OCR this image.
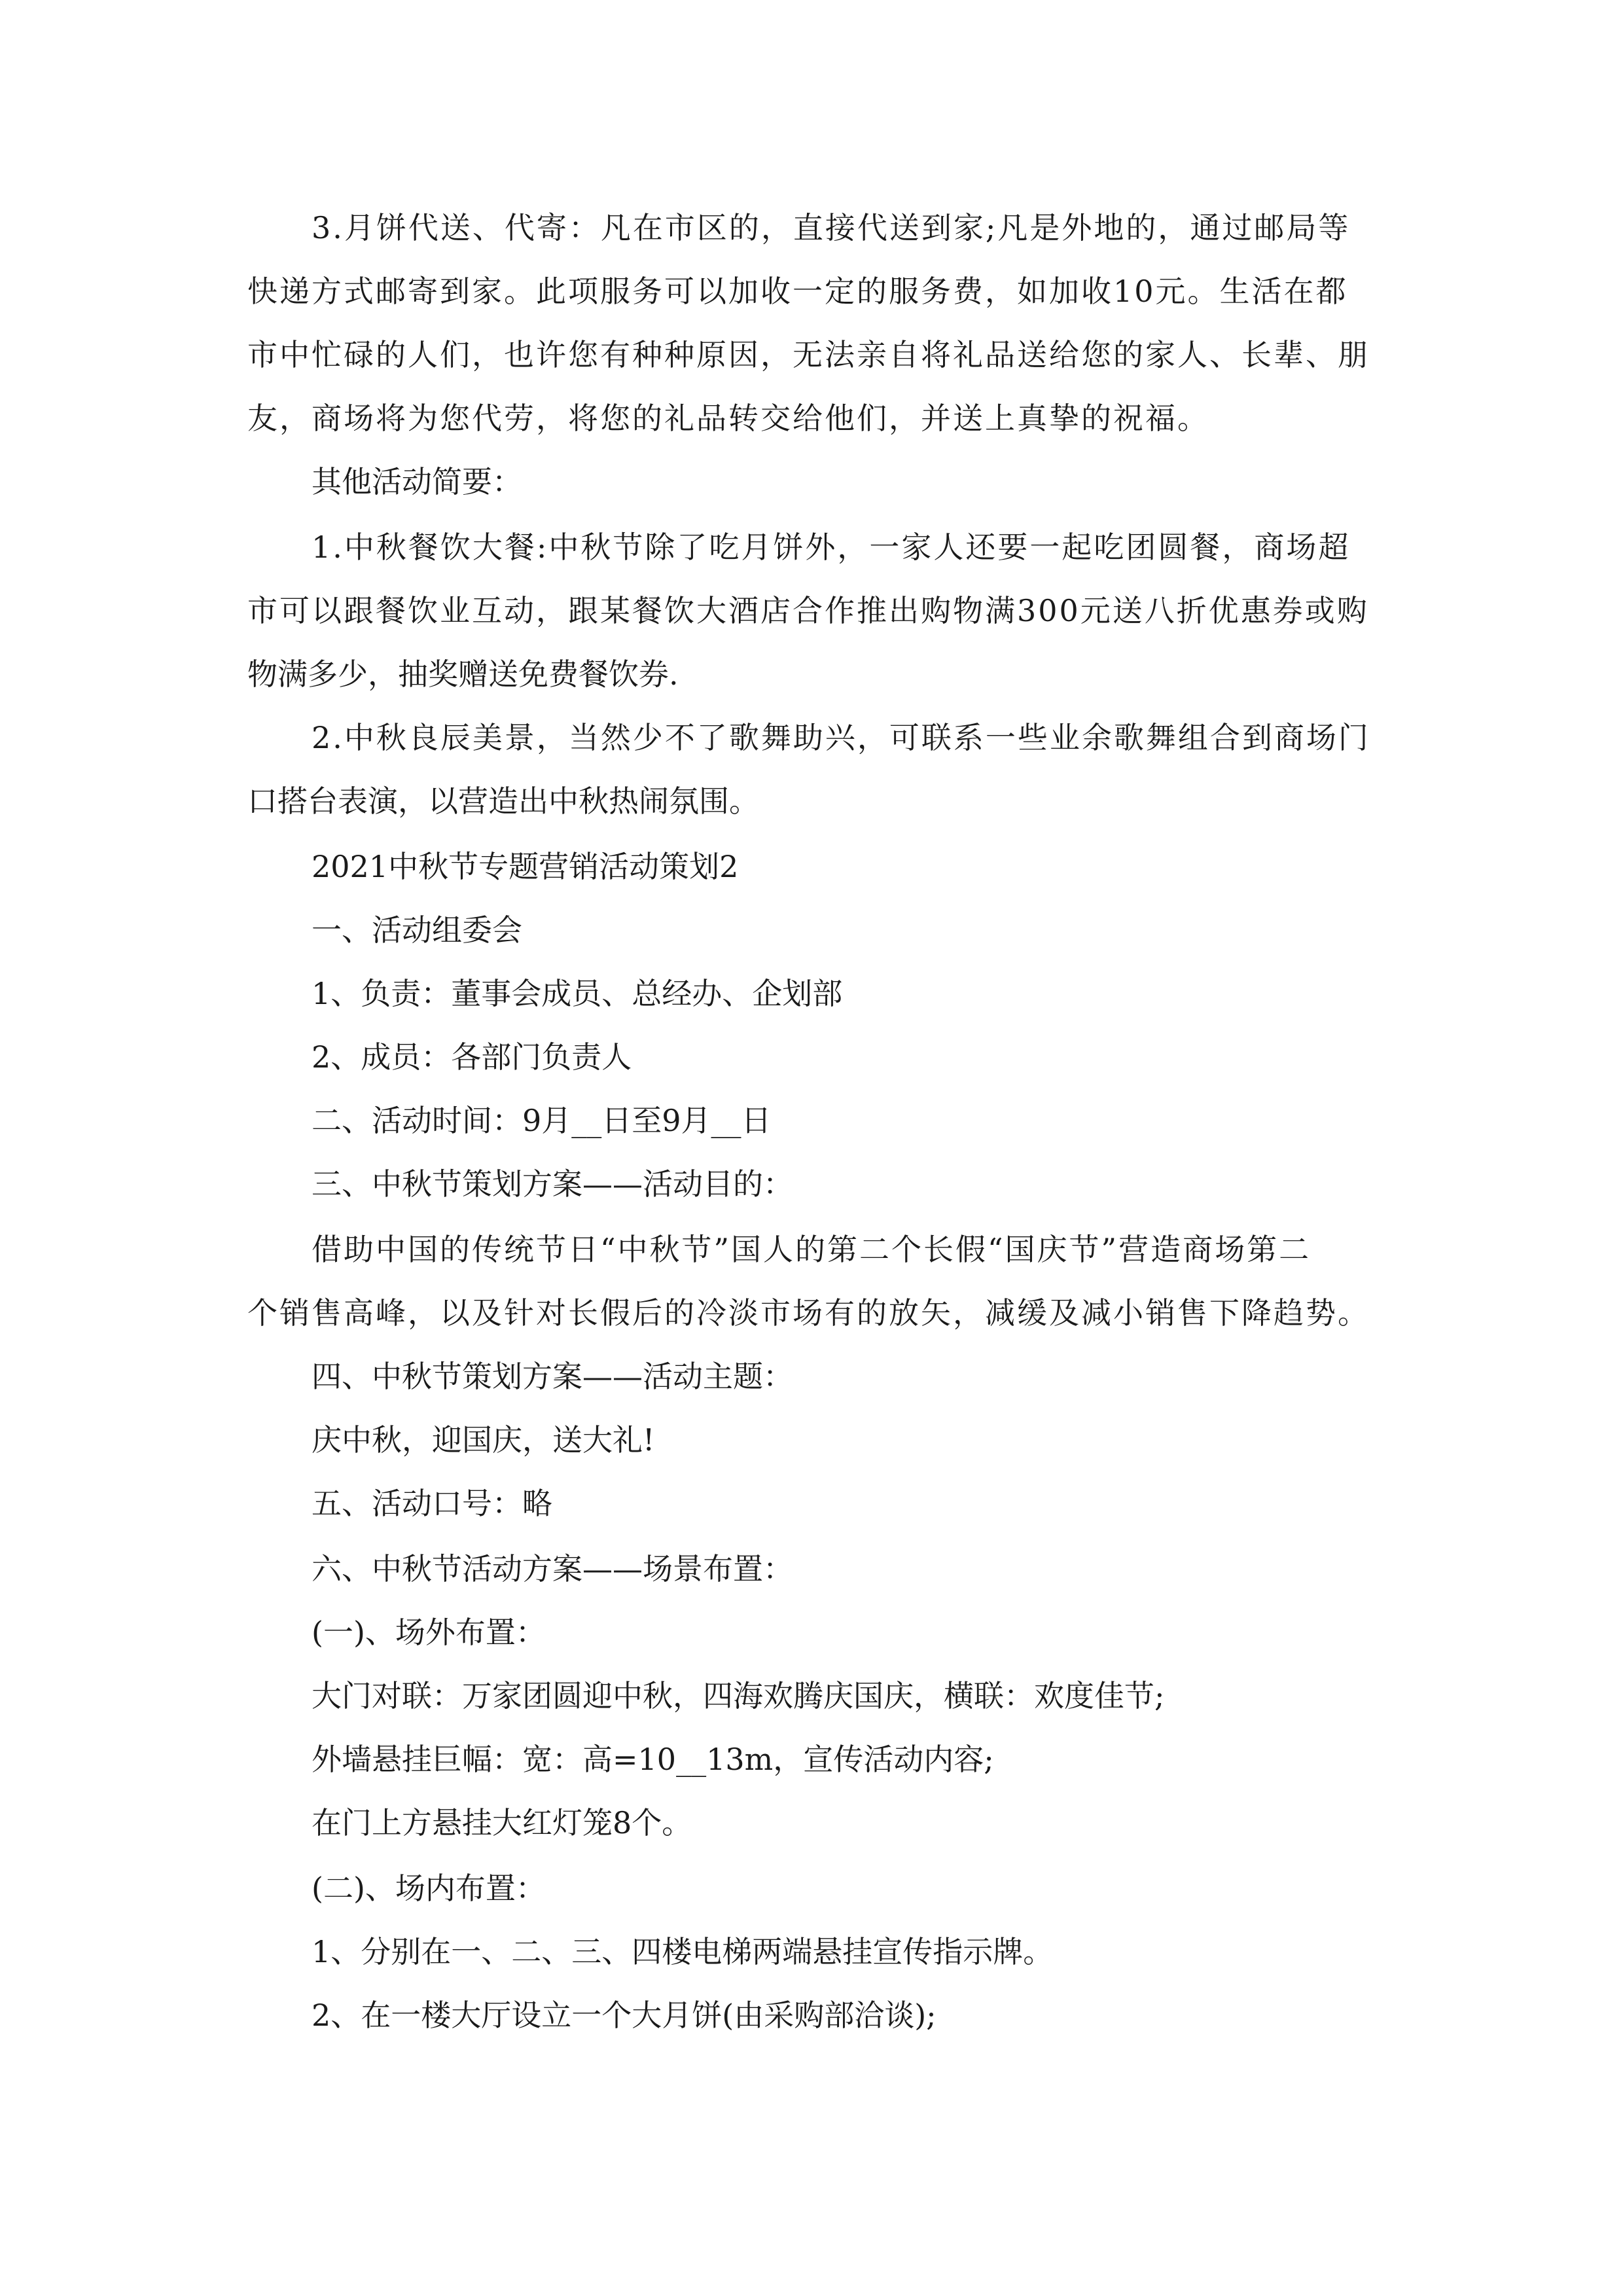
3.月饼代送、代寄：凡在市区的，直接代送到家;凡是外地的，通过邮局等

快递方式邮寄到家。此项服务可以加收一定的服务费，如加收10元。生活在都

市中忙碌的人们，也许您有种种原因，无法亲自将礼品送给您的家人、长辈、朋

友，商场将为您代劳，将您的礼品转交给他们，并送上真挚的祝福。

其他活动简要：

1.中秋餐饮大餐:中秋节除了吃月饼外，一家人还要一起吃团圆餐，商场超

市可以跟餐饮业互动，跟某餐饮大酒店合作推出购物满300元送八折优惠券或购

物满多少，抽奖赠送免费餐饮券.

2.中秋良辰美景，当然少不了歌舞助兴，可联系一些业余歌舞组合到商场门

口搭台表演，以营造出中秋热闹氛围。

2021中秋节专题营销活动策划2

一、活动组委会

1、负责：董事会成员、总经办、企划部

2、成员：各部门负责人

二、活动时间：9月__日至9月__日

三、中秋节策划方案——活动目的：

借助中国的传统节日“中秋节”国人的第二个长假“国庆节”营造商场第二

个销售高峰，以及针对长假后的冷淡市场有的放矢，减缓及减小销售下降趋势。

四、中秋节策划方案——活动主题：

庆中秋，迎国庆，送大礼!

五、活动口号：略

六、中秋节活动方案——场景布置：

(一)、场外布置：

大门对联：万家团圆迎中秋，四海欢腾庆国庆，横联：欢度佳节;

外墙悬挂巨幅：宽：高=10__13m，宣传活动内容;

在门上方悬挂大红灯笼8个。

(二)、场内布置：

1、分别在一、二、三、四楼电梯两端悬挂宣传指示牌。

2、在一楼大厅设立一个大月饼(由采购部洽谈);
